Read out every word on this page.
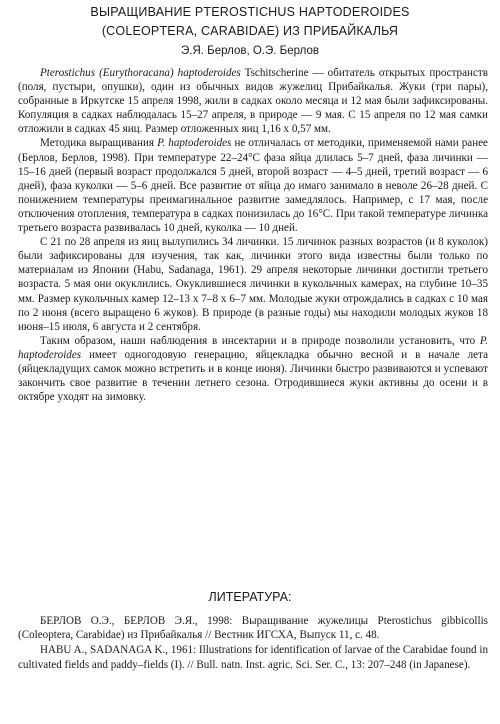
ВЫРАЩИВАНИЕ PTEROSTICHUS HAPTODEROIDES

(COLEOPTERA, CARABIDAE) ИЗ ПРИБАЙКАЛЬЯ

Э.Я. Берлов, О.Э. Берлов

Pterostichus (Eurythoracana) haptoderoides Tschitscherine — обитатель открытых пространств (поля, пустыри, опушки), один из обычных видов жужелиц Прибайкалья. Жуки (три пары), собранные в Иркутске 15 апреля 1998, жили в садках около месяца и 12 мая были зафиксированы. Копуляция в садках наблюдалась 15–27 апреля, в природе — 9 мая. С 15 апреля по 12 мая самки отложили в садках 45 яиц. Размер отложенных яиц 1,16 х 0,57 мм.

Методика выращивания P. haptoderoides не отличалась от методики, применяемой нами ранее (Берлов, Берлов, 1998). При температуре 22–24°С фаза яйца длилась 5–7 дней, фаза личинки — 15–16 дней (первый возраст продолжался 5 дней, второй возраст — 4–5 дней, третий возраст — 6 дней), фаза куколки — 5–6 дней. Все развитие от яйца до имаго занимало в неволе 26–28 дней. С понижением температуры преимагинальное развитие замедлялось. Например, с 17 мая, после отключения отопления, температура в садках понизилась до 16°С. При такой температуре личинка третьего возраста развивалась 10 дней, куколка — 10 дней.

С 21 по 28 апреля из яиц вылупились 34 личинки. 15 личинок разных возрастов (и 8 куколок) были зафиксированы для изучения, так как, личинки этого вида известны были только по материалам из Японии (Habu, Sadanaga, 1961). 29 апреля некоторые личинки достигли третьего возраста. 5 мая они окуклились. Окуклившиеся личинки в кукольчных камерах, на глубине 10–35 мм. Размер кукольчных камер 12–13 х 7–8 х 6–7 мм. Молодые жуки отрождались в садках с 10 мая по 2 июня (всего выращено 6 жуков). В природе (в разные годы) мы находили молодых жуков 18 июня–15 июля, 6 августа и 2 сентября.

Таким образом, наши наблюдения в инсектарии и в природе позволили установить, что P. haptoderoides имеет одногодовую генерацию, яйцекладка обычно весной и в начале лета (яйцекладущих самок можно встретить и в конце июня). Личинки быстро развиваются и успевают закончить свое развитие в течении летнего сезона. Отродившиеся жуки активны до осени и в октябре уходят на зимовку.

ЛИТЕРАТУРА:

БЕРЛОВ О.Э., БЕРЛОВ Э.Я., 1998: Выращивание жужелицы Pterostichus gibbicollis (Coleoptera, Carabidae) из Прибайкалья // Вестник ИГСХА, Выпуск 11, с. 48.

HABU A., SADANAGA K., 1961: Illustrations for identification of larvae of the Carabidae found in cultivated fields and paddy–fields (I). // Bull. natn. Inst. agric. Sci. Ser. C., 13: 207–248 (in Japanese).
